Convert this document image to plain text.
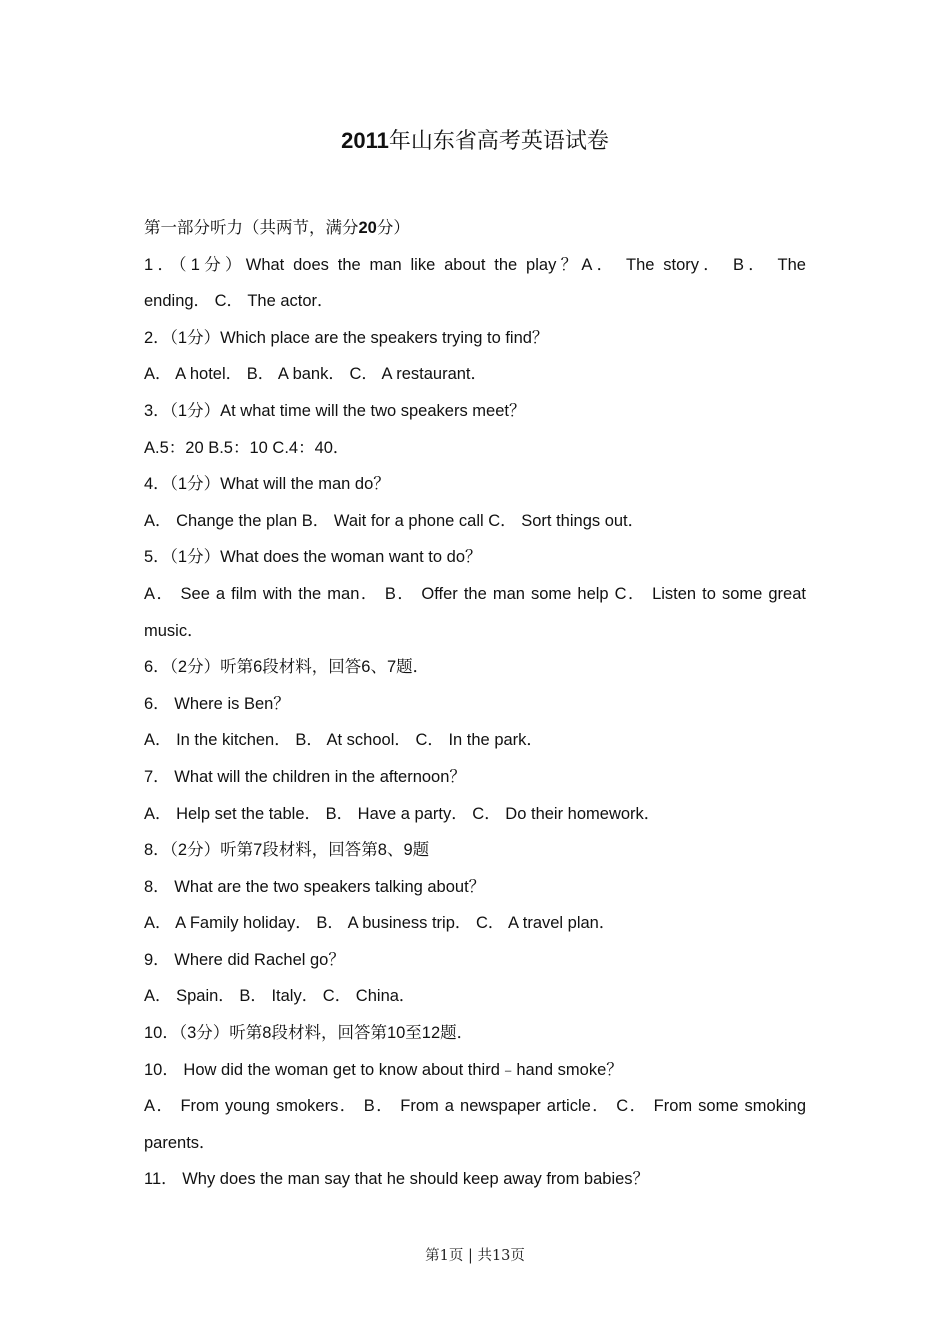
2011年山东省高考英语试卷
第一部分听力（共两节，满分20分）
1．（1分）What does the man like about the play？A． The story． B． The
ending． C． The actor．
2．（1分）Which place are the speakers trying to find？
A． A hotel． B． A bank． C． A restaurant．
3．（1分）At what time will the two speakers meet？
A.5：20 B.5：10 C.4：40．
4．（1分）What will the man do？
A． Change the plan B． Wait for a phone call C． Sort things out．
5．（1分）What does the woman want to do？
A． See a film with the man． B． Offer the man some help C． Listen to some great
music．
6．（2分）听第6段材料，回答6、7题．
6． Where is Ben？
A． In the kitchen． B． At school． C． In the park．
7． What will the children in the afternoon？
A． Help set the table． B． Have a party． C． Do their homework．
8．（2分）听第7段材料，回答第8、9题
8． What are the two speakers talking about？
A． A Family holiday． B． A business trip． C． A travel plan．
9． Where did Rachel go？
A． Spain． B． Italy． C． China．
10．（3分）听第8段材料，回答第10至12题．
10． How did the woman get to know about third﹣hand smoke？
A． From young smokers． B． From a newspaper article． C． From some smoking
parents．
11． Why does the man say that he should keep away from babies？
第1页 | 共13页
